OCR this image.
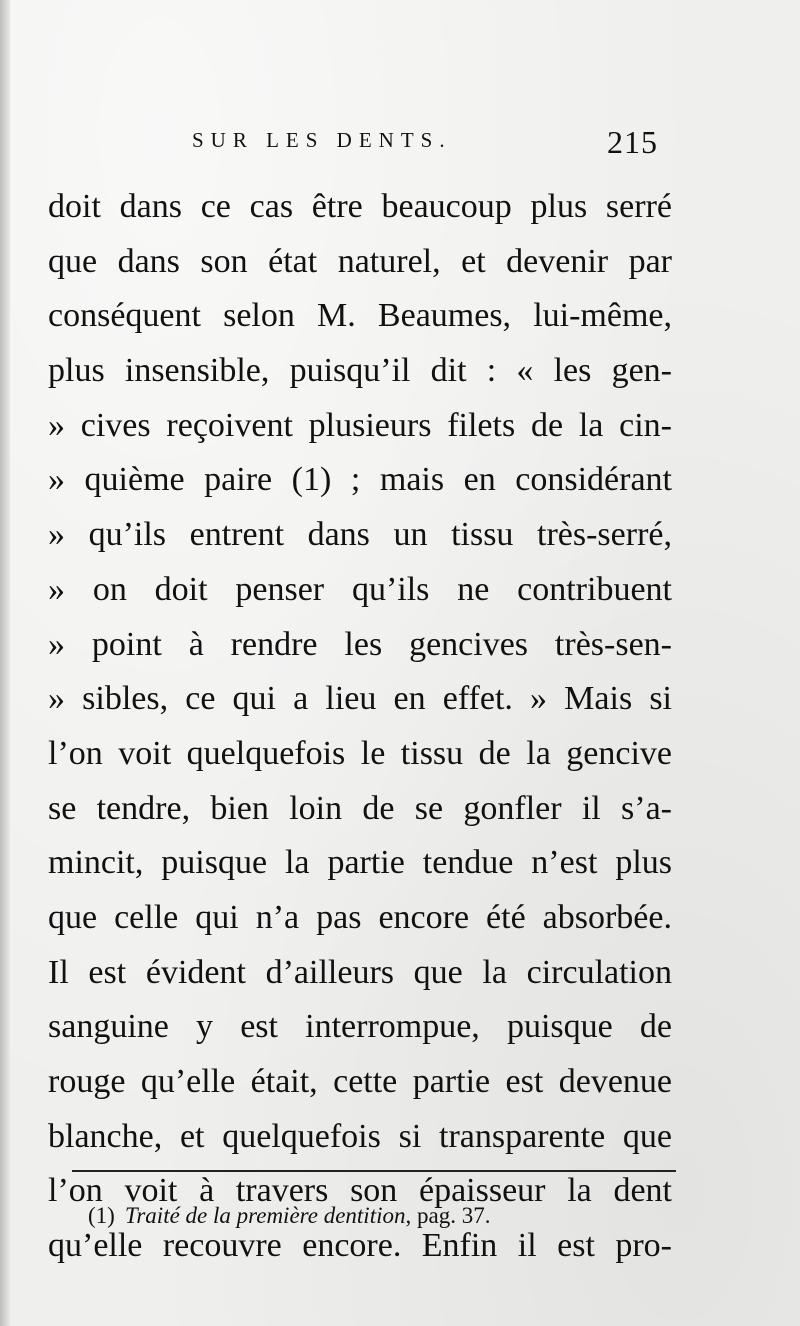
SUR LES DENTS.	215
doit dans ce cas être beaucoup plus serré
que dans son état naturel, et devenir par
conséquent selon M. Beaumes, lui-même,
plus insensible, puisqu’il dit : « les gen-
» cives reçoivent plusieurs filets de la cin-
» quième paire (1) ; mais en considérant
» qu’ils entrent dans un tissu très-serré,
» on doit penser qu’ils ne contribuent
» point à rendre les gencives très-sen-
» sibles, ce qui a lieu en effet. » Mais si
l’on voit quelquefois le tissu de la gencive
se tendre, bien loin de se gonfler il s’a-
mincit, puisque la partie tendue n’est plus
que celle qui n’a pas encore été absorbée.
Il est évident d’ailleurs que la circulation
sanguine y est interrompue, puisque de
rouge qu’elle était, cette partie est devenue
blanche, et quelquefois si transparente que
l’on voit à travers son épaisseur la dent
qu’elle recouvre encore. Enfin il est pro-
(1) Traité de la première dentition, pag. 37.
